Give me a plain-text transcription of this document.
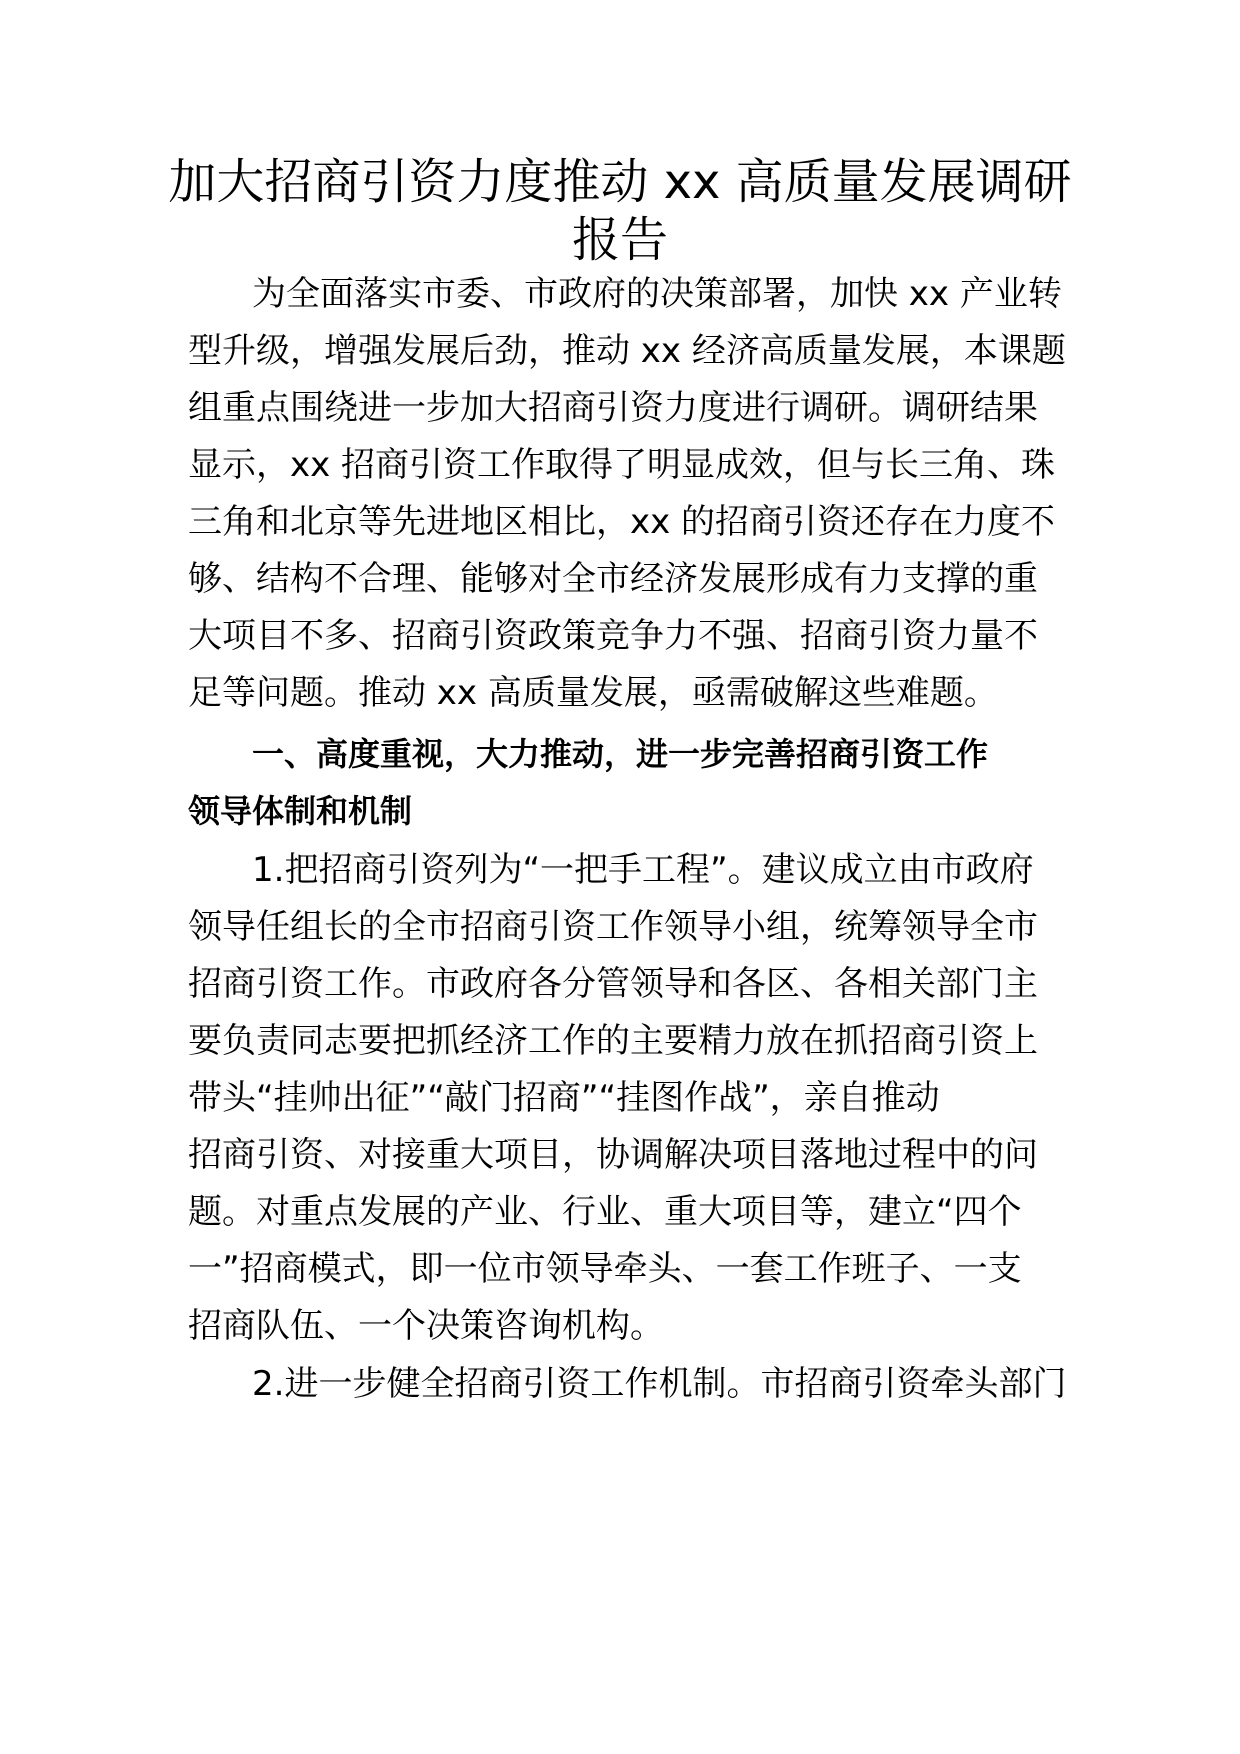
加大招商引资力度推动 xx 高质量发展调研
报告

为全面落实市委、市政府的决策部署，加快 xx 产业转

型升级，增强发展后劲，推动 xx 经济高质量发展，本课题

组重点围绕进一步加大招商引资力度进行调研。调研结果

显示，xx 招商引资工作取得了明显成效，但与长三角、珠

三角和北京等先进地区相比，xx 的招商引资还存在力度不

够、结构不合理、能够对全市经济发展形成有力支撑的重

大项目不多、招商引资政策竞争力不强、招商引资力量不

足等问题。推动 xx 高质量发展，亟需破解这些难题。

一、高度重视，大力推动，进一步完善招商引资工作

领导体制和机制

1.把招商引资列为“一把手工程”。建议成立由市政府

领导任组长的全市招商引资工作领导小组，统筹领导全市

招商引资工作。市政府各分管领导和各区、各相关部门主

要负责同志要把抓经济工作的主要精力放在抓招商引资上

带头“挂帅出征”“敲门招商”“挂图作战”，亲自推动

招商引资、对接重大项目，协调解决项目落地过程中的问

题。对重点发展的产业、行业、重大项目等，建立“四个

一”招商模式，即一位市领导牵头、一套工作班子、一支

招商队伍、一个决策咨询机构。

2.进一步健全招商引资工作机制。市招商引资牵头部门
